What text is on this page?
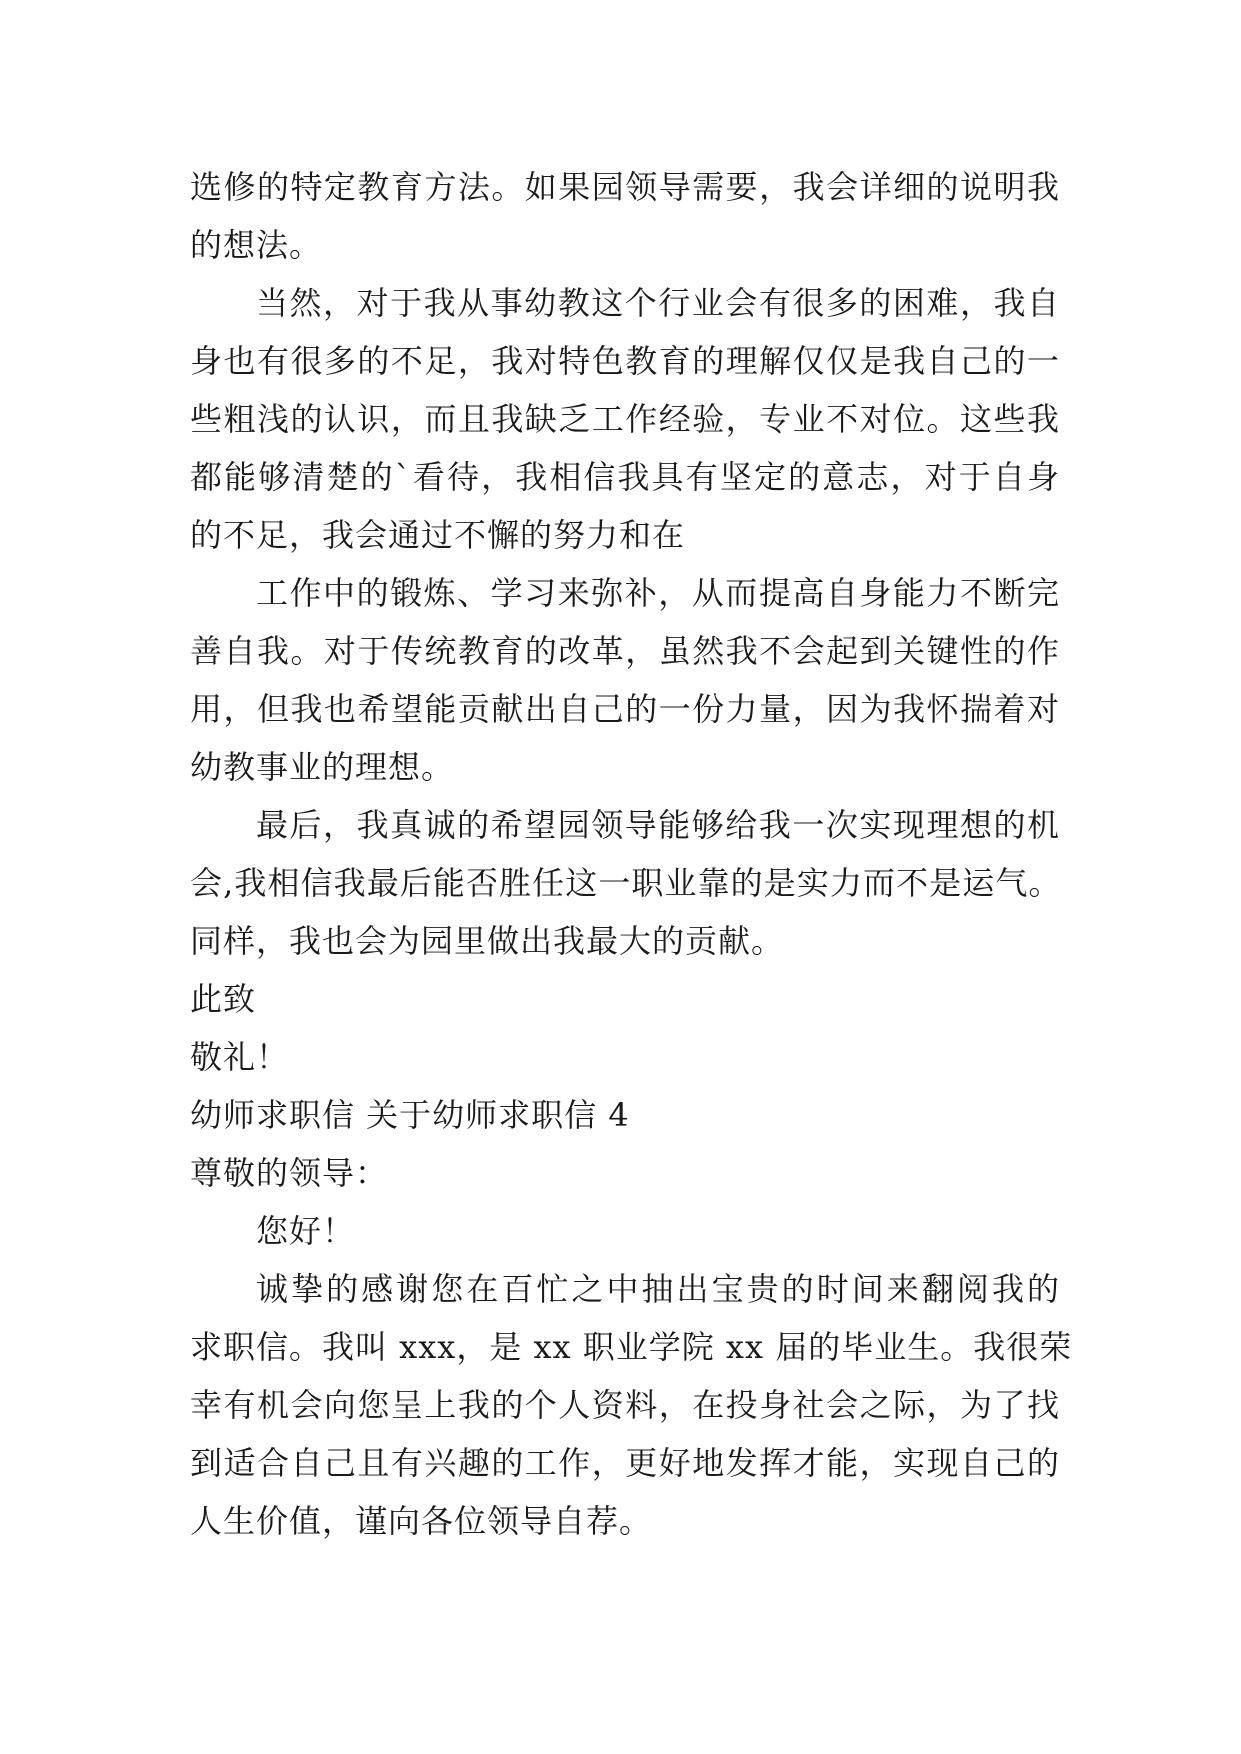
选修的特定教育方法。如果园领导需要，我会详细的说明我
的想法。
当然，对于我从事幼教这个行业会有很多的困难，我自
身也有很多的不足，我对特色教育的理解仅仅是我自己的一
些粗浅的认识，而且我缺乏工作经验，专业不对位。这些我
都能够清楚的`看待，我相信我具有坚定的意志，对于自身
的不足，我会通过不懈的努力和在
工作中的锻炼、学习来弥补，从而提高自身能力不断完
善自我。对于传统教育的改革，虽然我不会起到关键性的作
用，但我也希望能贡献出自己的一份力量，因为我怀揣着对
幼教事业的理想。
最后，我真诚的希望园领导能够给我一次实现理想的机
会,我相信我最后能否胜任这一职业靠的是实力而不是运气。
同样，我也会为园里做出我最大的贡献。
此致
敬礼！
幼师求职信 关于幼师求职信 4
尊敬的领导：
您好！
诚挚的感谢您在百忙之中抽出宝贵的时间来翻阅我的
求职信。我叫 xxx，是 xx 职业学院 xx 届的毕业生。我很荣
幸有机会向您呈上我的个人资料，在投身社会之际，为了找
到适合自己且有兴趣的工作，更好地发挥才能，实现自己的
人生价值，谨向各位领导自荐。
